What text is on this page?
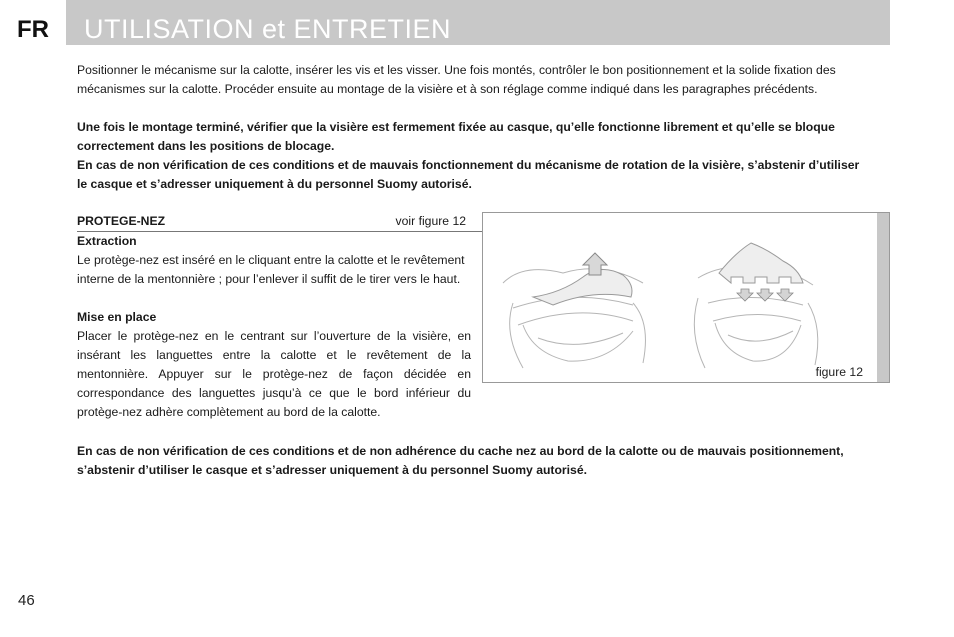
FR UTILISATION et ENTRETIEN
Positionner le mécanisme sur la calotte, insérer les vis et les visser. Une fois montés, contrôler le bon positionnement et la solide fixation des
mécanismes sur la calotte. Procéder ensuite au montage de la visière et à son réglage comme indiqué dans les paragraphes précédents.
Une fois le montage terminé, vérifier que la visière est fermement fixée au casque, qu’elle fonctionne librement et qu’elle se bloque
correctement dans les positions de blocage.
En cas de non vérification de ces conditions et de mauvais fonctionnement du mécanisme de rotation de la visière, s’abstenir d’utiliser
le casque et s’adresser uniquement à du personnel Suomy autorisé.
PROTEGE-NEZ	voir figure 12
Extraction
Le protège-nez est inséré en le cliquant entre la calotte et le revêtement
interne de la mentonnière ; pour l’enlever il suffit de le tirer vers le haut.
Mise en place
Placer le protège-nez en le centrant sur l’ouverture de la visière, en
insérant les languettes entre la calotte et le revêtement de la
mentonnière. Appuyer sur le protège-nez de façon décidée en
correspondance des languettes jusqu’à ce que le bord inférieur du
protège-nez adhère complètement au bord de la calotte.
figure 12
En cas de non vérification de ces conditions et de non adhérence du cache nez au bord de la calotte ou de mauvais positionnement,
s’abstenir d’utiliser le casque et s’adresser uniquement à du personnel Suomy autorisé.
46
